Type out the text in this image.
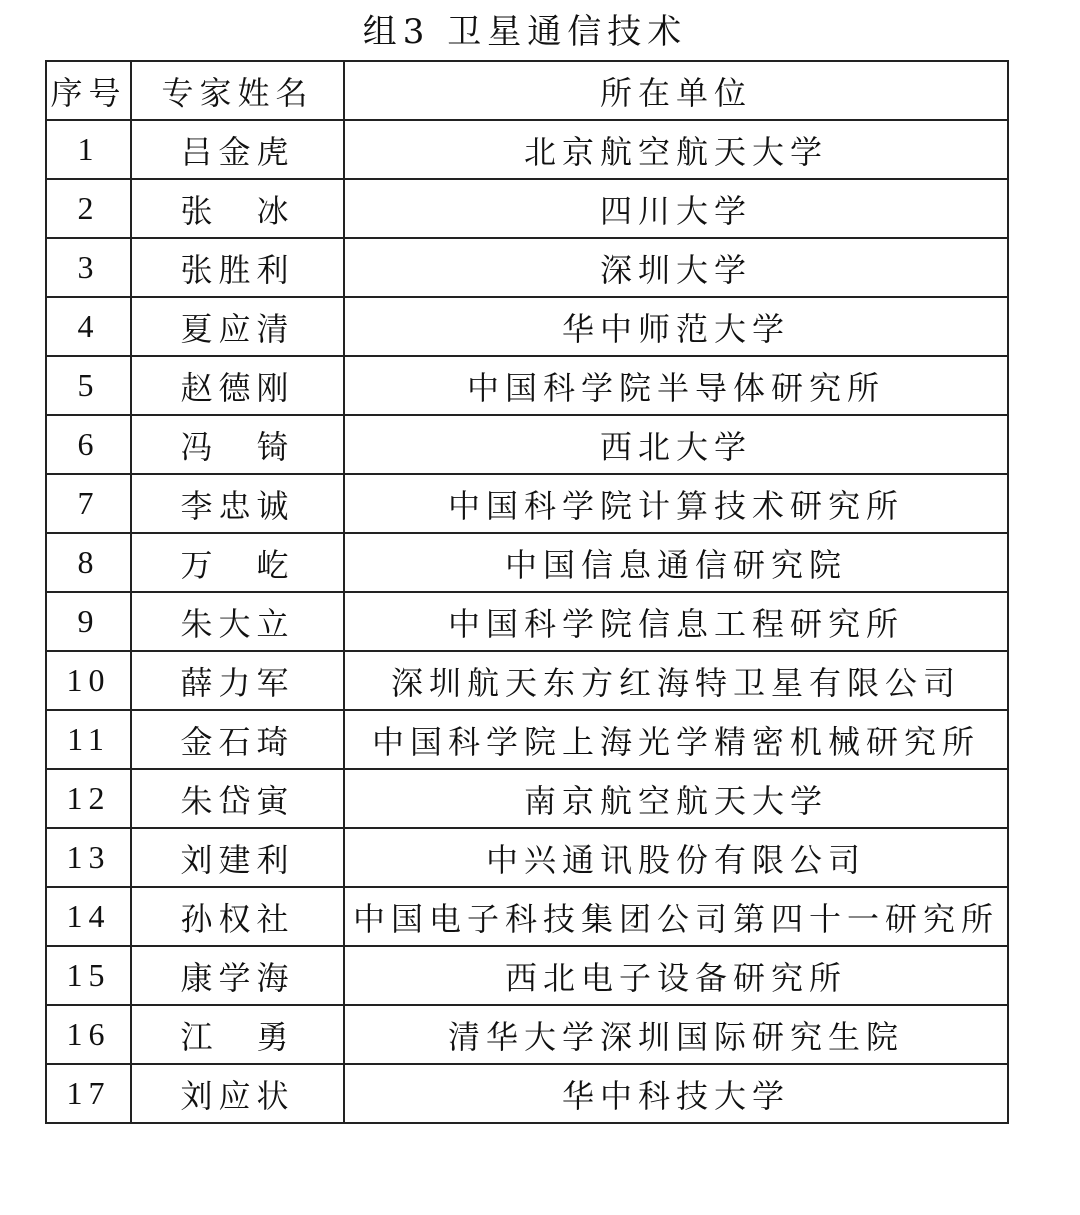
组3 卫星通信技术
序号	专家姓名	所在单位
1	吕金虎	北京航空航天大学
2	张　冰	四川大学
3	张胜利	深圳大学
4	夏应清	华中师范大学
5	赵德刚	中国科学院半导体研究所
6	冯　锜	西北大学
7	李忠诚	中国科学院计算技术研究所
8	万　屹	中国信息通信研究院
9	朱大立	中国科学院信息工程研究所
10	薛力军	深圳航天东方红海特卫星有限公司
11	金石琦	中国科学院上海光学精密机械研究所
12	朱岱寅	南京航空航天大学
13	刘建利	中兴通讯股份有限公司
14	孙权社	中国电子科技集团公司第四十一研究所
15	康学海	西北电子设备研究所
16	江　勇	清华大学深圳国际研究生院
17	刘应状	华中科技大学
